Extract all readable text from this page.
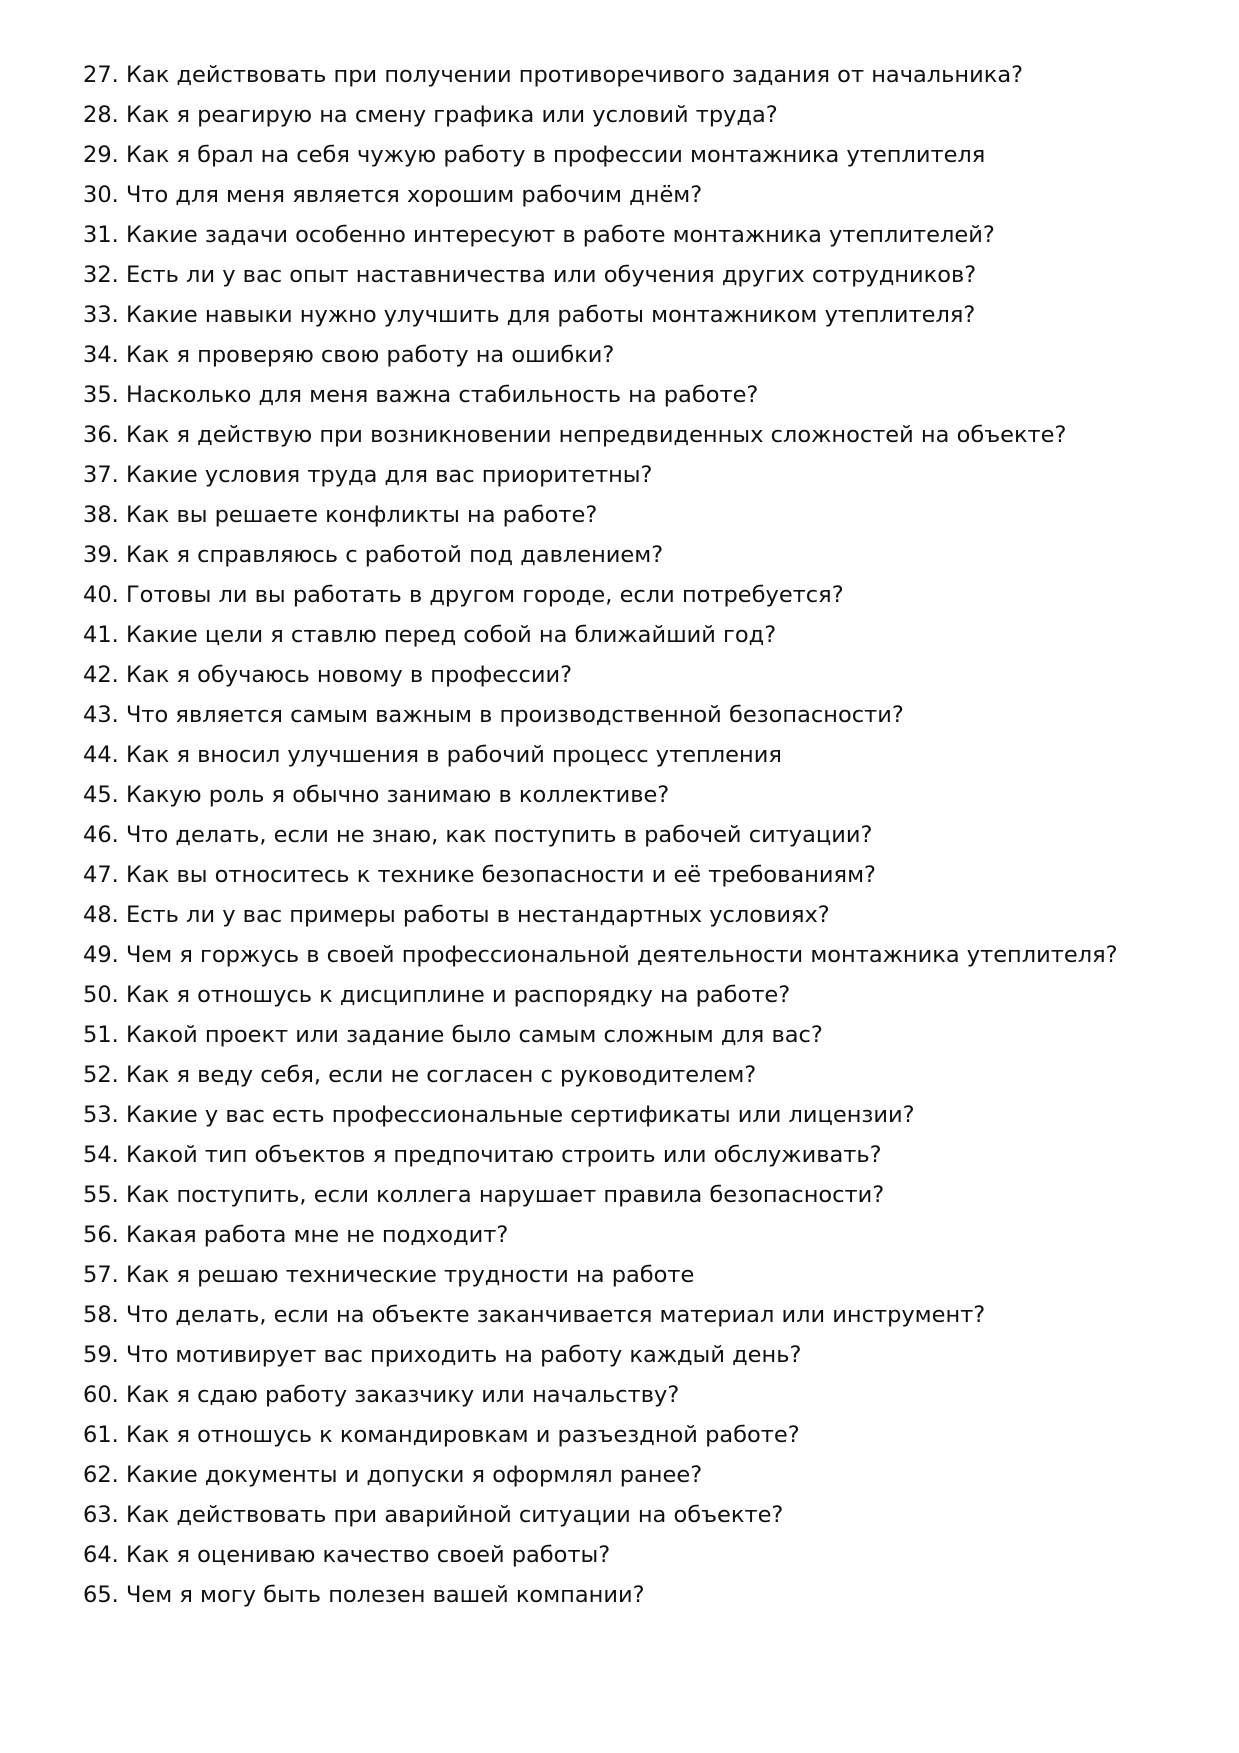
27. Как действовать при получении противоречивого задания от начальника?
28. Как я реагирую на смену графика или условий труда?
29. Как я брал на себя чужую работу в профессии монтажника утеплителя
30. Что для меня является хорошим рабочим днём?
31. Какие задачи особенно интересуют в работе монтажника утеплителей?
32. Есть ли у вас опыт наставничества или обучения других сотрудников?
33. Какие навыки нужно улучшить для работы монтажником утеплителя?
34. Как я проверяю свою работу на ошибки?
35. Насколько для меня важна стабильность на работе?
36. Как я действую при возникновении непредвиденных сложностей на объекте?
37. Какие условия труда для вас приоритетны?
38. Как вы решаете конфликты на работе?
39. Как я справляюсь с работой под давлением?
40. Готовы ли вы работать в другом городе, если потребуется?
41. Какие цели я ставлю перед собой на ближайший год?
42. Как я обучаюсь новому в профессии?
43. Что является самым важным в производственной безопасности?
44. Как я вносил улучшения в рабочий процесс утепления
45. Какую роль я обычно занимаю в коллективе?
46. Что делать, если не знаю, как поступить в рабочей ситуации?
47. Как вы относитесь к технике безопасности и её требованиям?
48. Есть ли у вас примеры работы в нестандартных условиях?
49. Чем я горжусь в своей профессиональной деятельности монтажника утеплителя?
50. Как я отношусь к дисциплине и распорядку на работе?
51. Какой проект или задание было самым сложным для вас?
52. Как я веду себя, если не согласен с руководителем?
53. Какие у вас есть профессиональные сертификаты или лицензии?
54. Какой тип объектов я предпочитаю строить или обслуживать?
55. Как поступить, если коллега нарушает правила безопасности?
56. Какая работа мне не подходит?
57. Как я решаю технические трудности на работе
58. Что делать, если на объекте заканчивается материал или инструмент?
59. Что мотивирует вас приходить на работу каждый день?
60. Как я сдаю работу заказчику или начальству?
61. Как я отношусь к командировкам и разъездной работе?
62. Какие документы и допуски я оформлял ранее?
63. Как действовать при аварийной ситуации на объекте?
64. Как я оцениваю качество своей работы?
65. Чем я могу быть полезен вашей компании?
